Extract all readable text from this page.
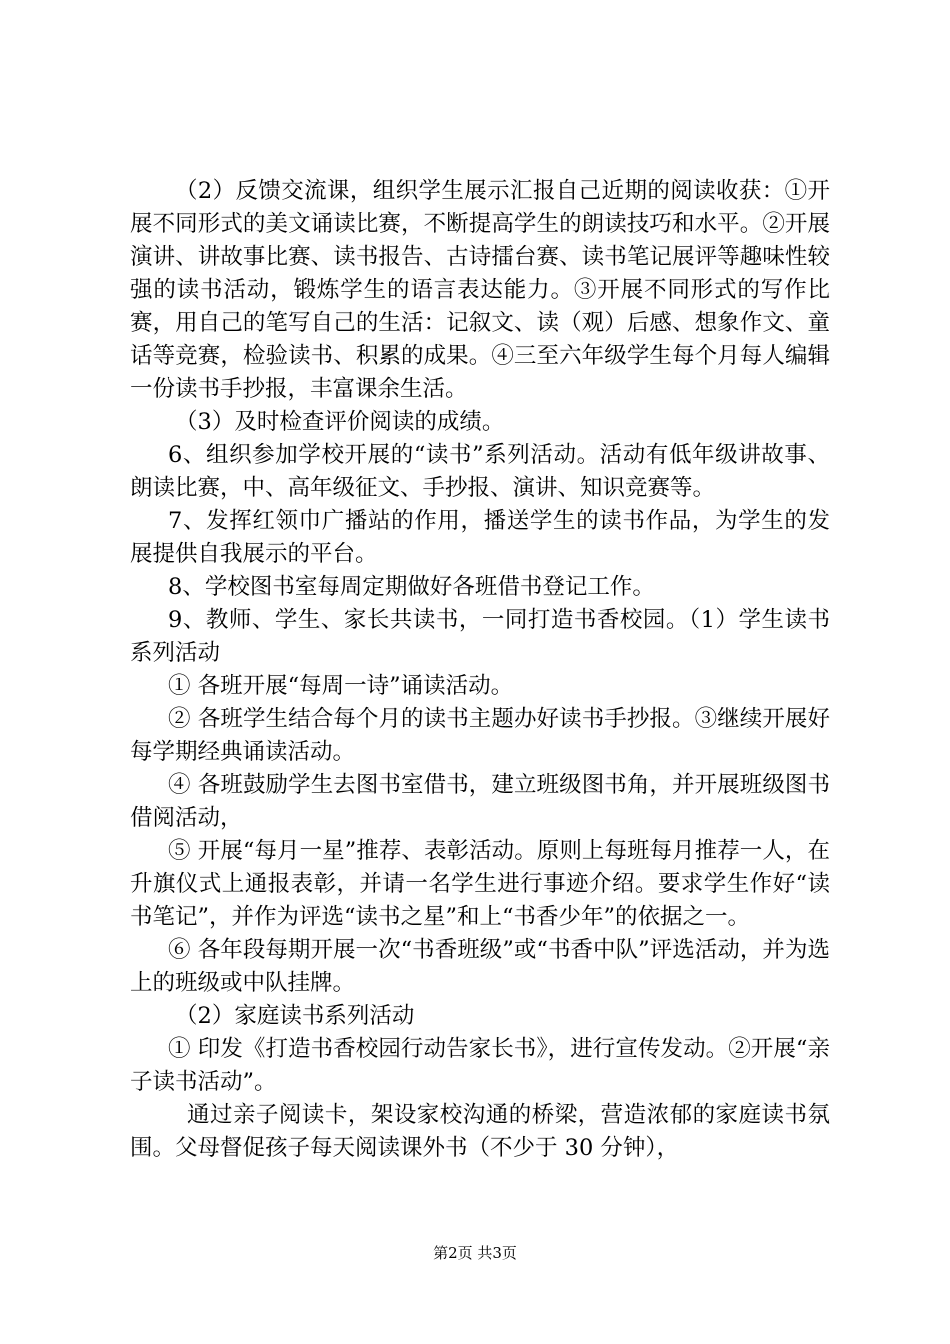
（2）反馈交流课，组织学生展示汇报自己近期的阅读收获：①开展不同形式的美文诵读比赛，不断提高学生的朗读技巧和水平。②开展演讲、讲故事比赛、读书报告、古诗擂台赛、读书笔记展评等趣味性较强的读书活动，锻炼学生的语言表达能力。③开展不同形式的写作比赛，用自己的笔写自己的生活：记叙文、读（观）后感、想象作文、童话等竞赛，检验读书、积累的成果。④三至六年级学生每个月每人编辑一份读书手抄报，丰富课余生活。

（3）及时检查评价阅读的成绩。

6、组织参加学校开展的“读书”系列活动。活动有低年级讲故事、朗读比赛，中、高年级征文、手抄报、演讲、知识竞赛等。

7、发挥红领巾广播站的作用，播送学生的读书作品，为学生的发展提供自我展示的平台。

8、学校图书室每周定期做好各班借书登记工作。

9、教师、学生、家长共读书，一同打造书香校园。（1）学生读书系列活动

① 各班开展“每周一诗”诵读活动。

② 各班学生结合每个月的读书主题办好读书手抄报。③继续开展好每学期经典诵读活动。

④ 各班鼓励学生去图书室借书，建立班级图书角，并开展班级图书借阅活动，

⑤ 开展“每月一星”推荐、表彰活动。原则上每班每月推荐一人，在升旗仪式上通报表彰，并请一名学生进行事迹介绍。要求学生作好“读书笔记”，并作为评选“读书之星”和上“书香少年”的依据之一。

⑥ 各年段每期开展一次“书香班级”或“书香中队”评选活动，并为选上的班级或中队挂牌。

（2）家庭读书系列活动

① 印发《打造书香校园行动告家长书》，进行宣传发动。②开展“亲子读书活动”。

通过亲子阅读卡，架设家校沟通的桥梁，营造浓郁的家庭读书氛围。父母督促孩子每天阅读课外书（不少于 30 分钟），

第2页 共3页
